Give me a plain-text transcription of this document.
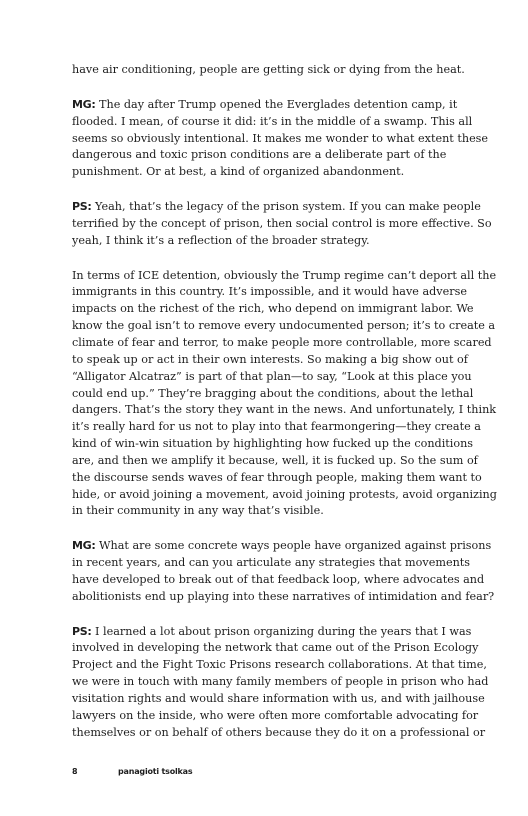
have air conditioning, people are getting sick or dying from the heat.

MG: The day after Trump opened the Everglades detention camp, it flooded. I mean, of course it did: it’s in the middle of a swamp. This all seems so obviously intentional. It makes me wonder to what extent these dangerous and toxic prison conditions are a deliberate part of the punishment. Or at best, a kind of organized abandonment.

PS: Yeah, that’s the legacy of the prison system. If you can make people terrified by the concept of prison, then social control is more effective. So yeah, I think it’s a reflection of the broader strategy.

In terms of ICE detention, obviously the Trump regime can’t deport all the immigrants in this country. It’s impossible, and it would have adverse impacts on the richest of the rich, who depend on immigrant labor. We know the goal isn’t to remove every undocumented person; it’s to create a climate of fear and terror, to make people more controllable, more scared to speak up or act in their own interests. So making a big show out of “Alligator Alcatraz” is part of that plan—to say, “Look at this place you could end up.” They’re bragging about the conditions, about the lethal dangers. That’s the story they want in the news. And unfortunately, I think it’s really hard for us not to play into that fearmongering—they create a kind of win-win situation by highlighting how fucked up the conditions are, and then we amplify it because, well, it is fucked up. So the sum of the discourse sends waves of fear through people, making them want to hide, or avoid joining a movement, avoid joining protests, avoid organizing in their community in any way that’s visible.

MG: What are some concrete ways people have organized against prisons in recent years, and can you articulate any strategies that movements have developed to break out of that feedback loop, where advocates and abolitionists end up playing into these narratives of intimidation and fear?

PS: I learned a lot about prison organizing during the years that I was involved in developing the network that came out of the Prison Ecology Project and the Fight Toxic Prisons research collaborations. At that time, we were in touch with many family members of people in prison who had visitation rights and would share information with us, and with jailhouse lawyers on the inside, who were often more comfortable advocating for themselves or on behalf of others because they do it on a professional or

8	panagioti tsolkas
